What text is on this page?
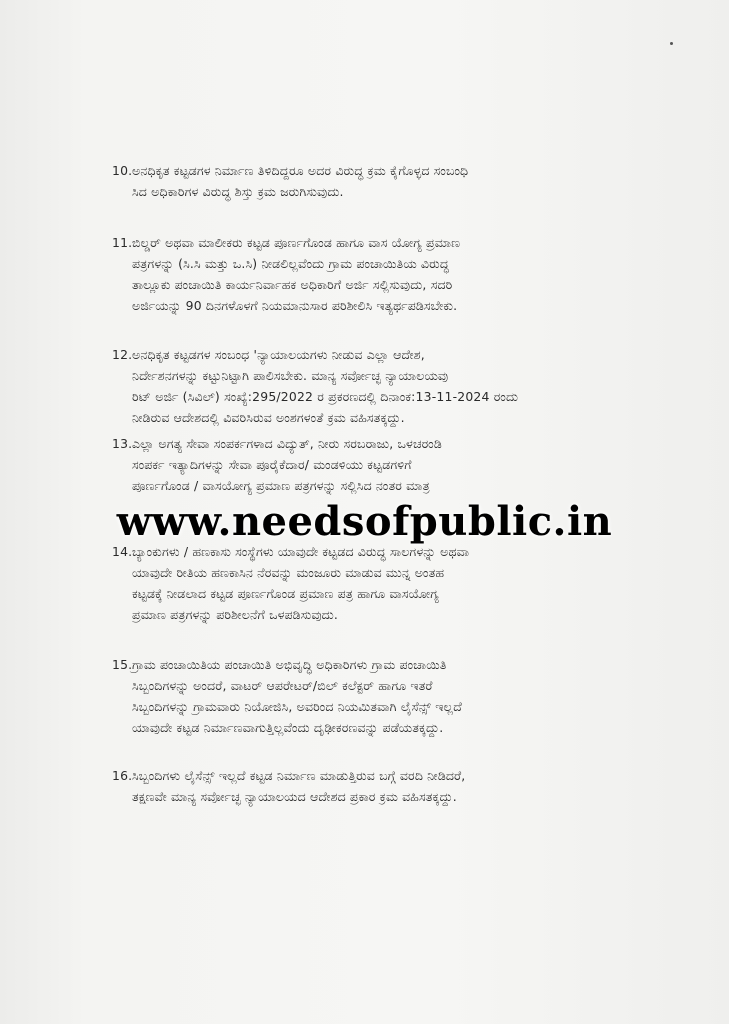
10.ಅನಧಿಕೃತ ಕಟ್ಟಡಗಳ ನಿರ್ಮಾಣ ತಿಳಿದಿದ್ದರೂ ಅದರ ವಿರುದ್ಧ ಕ್ರಮ ಕೈಗೊಳ್ಳದ ಸಂಬಂಧಿ
ಸಿದ ಅಧಿಕಾರಿಗಳ ವಿರುದ್ಧ ಶಿಸ್ತು ಕ್ರಮ ಜರುಗಿಸುವುದು.
11.ಬಿಲ್ಡರ್ ಅಥವಾ ಮಾಲೀಕರು ಕಟ್ಟಡ ಪೂರ್ಣಗೊಂಡ ಹಾಗೂ ವಾಸ ಯೋಗ್ಯ ಪ್ರಮಾಣ
ಪತ್ರಗಳನ್ನು (ಸಿ.ಸಿ ಮತ್ತು ಒ.ಸಿ) ನೀಡಲಿಲ್ಲವೆಂದು ಗ್ರಾಮ ಪಂಚಾಯಿತಿಯ ವಿರುದ್ಧ
ತಾಲ್ಲೂಕು ಪಂಚಾಯಿತಿ ಕಾರ್ಯನಿರ್ವಾಹಕ ಅಧಿಕಾರಿಗೆ ಅರ್ಜಿ ಸಲ್ಲಿಸುವುದು, ಸದರಿ
ಅರ್ಜಿಯನ್ನು 90 ದಿನಗಳೊಳಗೆ ನಿಯಮಾನುಸಾರ ಪರಿಶೀಲಿಸಿ ಇತ್ಯರ್ಥಪಡಿಸಬೇಕು.
12.ಅನಧಿಕೃತ ಕಟ್ಟಡಗಳ ಸಂಬಂಧ 'ನ್ಯಾಯಾಲಯಗಳು ನೀಡುವ ಎಲ್ಲಾ ಆದೇಶ,
ನಿರ್ದೇಶನಗಳನ್ನು ಕಟ್ಟುನಿಟ್ಟಾಗಿ ಪಾಲಿಸಬೇಕು. ಮಾನ್ಯ ಸರ್ವೋಚ್ಛ ನ್ಯಾಯಾಲಯವು
ರಿಟ್ ಅರ್ಜಿ (ಸಿವಿಲ್) ಸಂಖ್ಯೆ:295/2022 ರ ಪ್ರಕರಣದಲ್ಲಿ ದಿನಾಂಕ:13-11-2024 ರಂದು
ನೀಡಿರುವ ಆದೇಶದಲ್ಲಿ ವಿವರಿಸಿರುವ ಅಂಶಗಳಂತೆ ಕ್ರಮ ವಹಿಸತಕ್ಕದ್ದು.
13.ಎಲ್ಲಾ ಅಗತ್ಯ ಸೇವಾ ಸಂಪರ್ಕಗಳಾದ ವಿದ್ಯುತ್, ನೀರು ಸರಬರಾಜು, ಒಳಚರಂಡಿ
ಸಂಪರ್ಕ ಇತ್ಯಾದಿಗಳನ್ನು ಸೇವಾ ಪೂರೈಕೆದಾರ/ ಮಂಡಳಿಯು ಕಟ್ಟಡಗಳಿಗೆ
ಪೂರ್ಣಗೊಂಡ / ವಾಸಯೋಗ್ಯ ಪ್ರಮಾಣ ಪತ್ರಗಳನ್ನು ಸಲ್ಲಿಸಿದ ನಂತರ ಮಾತ್ರ
14.ಬ್ಯಾಂಕುಗಳು / ಹಣಕಾಸು ಸಂಸ್ಥೆಗಳು ಯಾವುದೇ ಕಟ್ಟಡದ ವಿರುದ್ಧ ಸಾಲಗಳನ್ನು ಅಥವಾ
ಯಾವುದೇ ರೀತಿಯ ಹಣಕಾಸಿನ ನೆರವನ್ನು ಮಂಜೂರು ಮಾಡುವ ಮುನ್ನ ಅಂತಹ
ಕಟ್ಟಡಕ್ಕೆ ನೀಡಲಾದ ಕಟ್ಟಡ ಪೂರ್ಣಗೊಂಡ ಪ್ರಮಾಣ ಪತ್ರ ಹಾಗೂ ವಾಸಯೋಗ್ಯ
ಪ್ರಮಾಣ ಪತ್ರಗಳನ್ನು ಪರಿಶೀಲನೆಗೆ ಒಳಪಡಿಸುವುದು.
15.ಗ್ರಾಮ ಪಂಚಾಯಿತಿಯ ಪಂಚಾಯಿತಿ ಅಭಿವೃದ್ಧಿ ಅಧಿಕಾರಿಗಳು ಗ್ರಾಮ ಪಂಚಾಯಿತಿ
ಸಿಬ್ಬಂದಿಗಳನ್ನು ಅಂದರೆ, ವಾಟರ್ ಆಪರೇಟರ್/ಬಿಲ್ ಕಲೆಕ್ಟರ್ ಹಾಗೂ ಇತರೆ
ಸಿಬ್ಬಂದಿಗಳನ್ನು ಗ್ರಾಮವಾರು ನಿಯೋಜಿಸಿ, ಅವರಿಂದ ನಿಯಮಿತವಾಗಿ ಲೈಸೆನ್ಸ್ ಇಲ್ಲದೆ
ಯಾವುದೇ ಕಟ್ಟಡ ನಿರ್ಮಾಣವಾಗುತ್ತಿಲ್ಲವೆಂದು ದೃಢೀಕರಣವನ್ನು ಪಡೆಯತಕ್ಕದ್ದು.
16.ಸಿಬ್ಬಂದಿಗಳು ಲೈಸೆನ್ಸ್ ಇಲ್ಲದೆ ಕಟ್ಟಡ ನಿರ್ಮಾಣ ಮಾಡುತ್ತಿರುವ ಬಗ್ಗೆ ವರದಿ ನೀಡಿದರೆ,
ತಕ್ಷಣವೇ ಮಾನ್ಯ ಸರ್ವೋಚ್ಛ ನ್ಯಾಯಾಲಯದ ಆದೇಶದ ಪ್ರಕಾರ ಕ್ರಮ ವಹಿಸತಕ್ಕದ್ದು.
www.needsofpublic.in
